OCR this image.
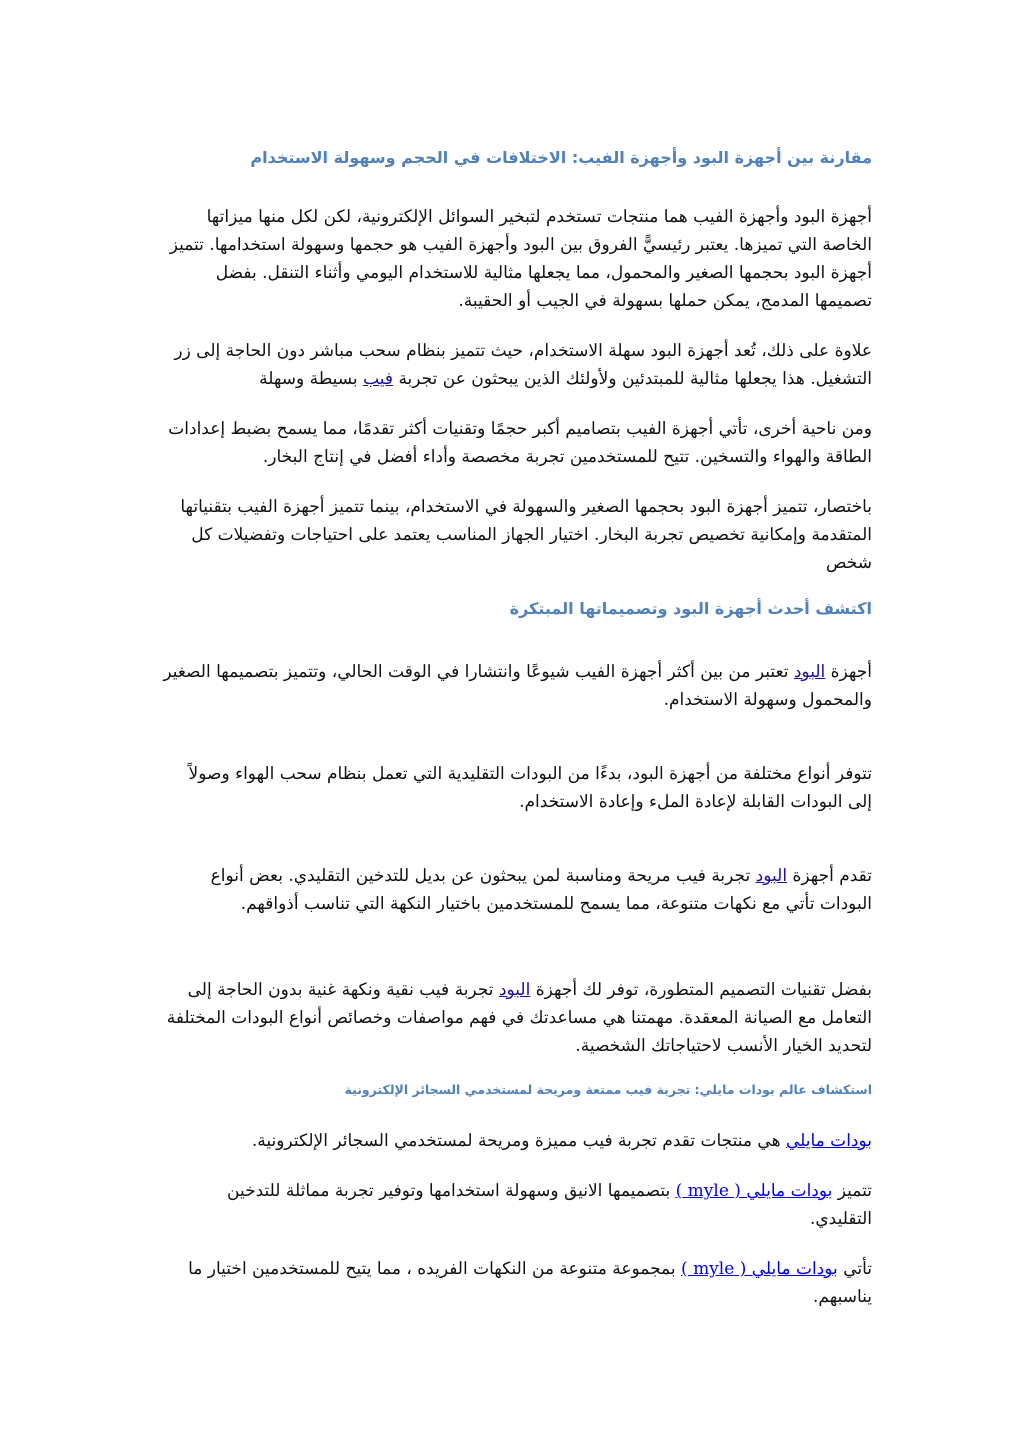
مقارنة بين أجهزة البود وأجهزة الفيب: الاختلافات في الحجم وسهولة الاستخدام

أجهزة البود وأجهزة الفيب هما منتجات تستخدم لتبخير السوائل الإلكترونية، لكن لكل منها ميزاتها الخاصة التي تميزها. يعتبر رئيسيًّ الفروق بين البود وأجهزة الفيب هو حجمها وسهولة استخدامها. تتميز أجهزة البود بحجمها الصغير والمحمول، مما يجعلها مثالية للاستخدام اليومي وأثناء التنقل. بفضل تصميمها المدمج، يمكن حملها بسهولة في الجيب أو الحقيبة.

علاوة على ذلك، تُعد أجهزة البود سهلة الاستخدام، حيث تتميز بنظام سحب مباشر دون الحاجة إلى زر التشغيل. هذا يجعلها مثالية للمبتدئين ولأولئك الذين يبحثون عن تجربة فيب بسيطة وسهلة

ومن ناحية أخرى، تأتي أجهزة الفيب بتصاميم أكبر حجمًا وتقنيات أكثر تقدمًا، مما يسمح بضبط إعدادات الطاقة والهواء والتسخين. تتيح للمستخدمين تجربة مخصصة وأداء أفضل في إنتاج البخار.

باختصار، تتميز أجهزة البود بحجمها الصغير والسهولة في الاستخدام، بينما تتميز أجهزة الفيب بتقنياتها المتقدمة وإمكانية تخصيص تجربة البخار. اختيار الجهاز المناسب يعتمد على احتياجات وتفضيلات كل شخص

اكتشف أحدث أجهزة البود وتصميماتها المبتكرة

أجهزة البود تعتبر من بين أكثر أجهزة الفيب شيوعًا وانتشارا في الوقت الحالي، وتتميز بتصميمها الصغير والمحمول وسهولة الاستخدام.

تتوفر أنواع مختلفة من أجهزة البود، بدءًا من البودات التقليدية التي تعمل بنظام سحب الهواء وصولاً إلى البودات القابلة لإعادة الملء وإعادة الاستخدام.

تقدم أجهزة البود تجربة فيب مريحة ومناسبة لمن يبحثون عن بديل للتدخين التقليدي. بعض أنواع البودات تأتي مع نكهات متنوعة، مما يسمح للمستخدمين باختيار النكهة التي تناسب أذواقهم.

بفضل تقنيات التصميم المتطورة، توفر لك أجهزة البود تجربة فيب نقية ونكهة غنية بدون الحاجة إلى التعامل مع الصيانة المعقدة. مهمتنا هي مساعدتك في فهم مواصفات وخصائص أنواع البودات المختلفة لتحديد الخيار الأنسب لاحتياجاتك الشخصية.

استكشاف عالم بودات مايلي: تجربة فيب ممتعة ومريحة لمستخدمي السجائر الإلكترونية

بودات مايلي هي منتجات تقدم تجربة فيب مميزة ومريحة لمستخدمي السجائر الإلكترونية.

تتميز بودات مايلي ( myle ) بتصميمها الانيق وسهولة استخدامها وتوفير تجربة مماثلة للتدخين التقليدي.

تأتي بودات مايلي ( myle ) بمجموعة متنوعة من النكهات الفريده ، مما يتيح للمستخدمين اختيار ما يناسبهم.
